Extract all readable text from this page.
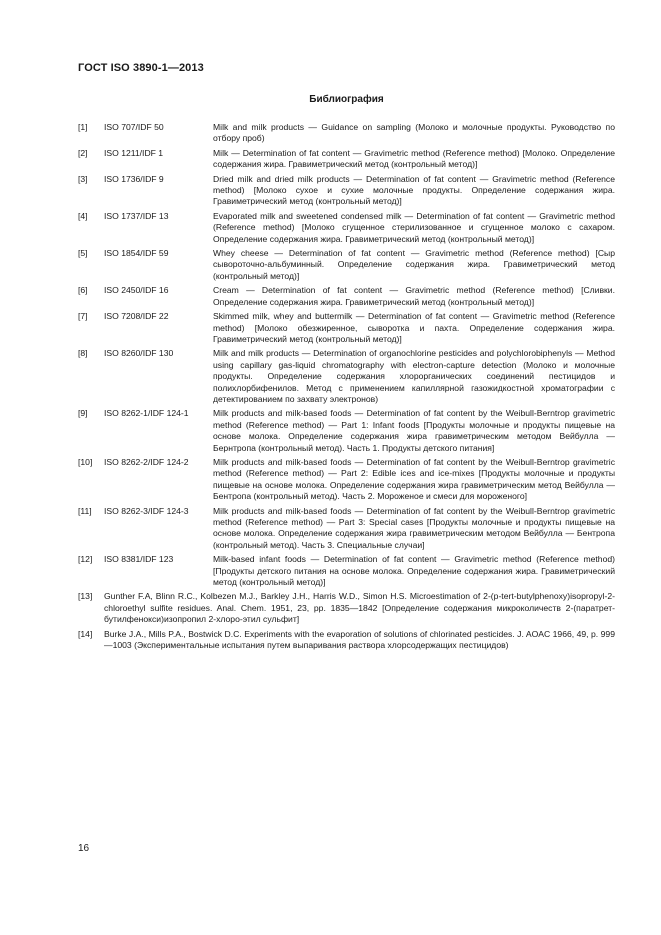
ГОСТ ISO 3890-1—2013
Библиография
[1] ISO 707/IDF 50	Milk and milk products — Guidance on sampling (Молоко и молочные продукты. Руководство по отбору проб)
[2] ISO 1211/IDF 1	Milk — Determination of fat content — Gravimetric method (Reference method) [Молоко. Определение содержания жира. Гравиметрический метод (контрольный метод)]
[3] ISO 1736/IDF 9	Dried milk and dried milk products — Determination of fat content — Gravimetric method (Reference method) [Молоко сухое и сухие молочные продукты. Определение содержания жира. Гравиметрический метод (контрольный метод)]
[4] ISO 1737/IDF 13	Evaporated milk and sweetened condensed milk — Determination of fat content — Gravimetric method (Reference method) [Молоко сгущенное стерилизованное и сгущенное молоко с сахаром. Определение содержания жира. Гравиметрический метод (контрольный метод)]
[5] ISO 1854/IDF 59	Whey cheese — Determination of fat content — Gravimetric method (Reference method) [Сыр сывороточно-альбуминный. Определение содержания жира. Гравиметрический метод (контрольный метод)]
[6] ISO 2450/IDF 16	Cream — Determination of fat content — Gravimetric method (Reference method) [Сливки. Определение содержания жира. Гравиметрический метод (контрольный метод)]
[7] ISO 7208/IDF 22	Skimmed milk, whey and buttermilk — Determination of fat content — Gravimetric method (Reference method) [Молоко обезжиренное, сыворотка и пахта. Определение содержания жира. Гравиметрический метод (контрольный метод)]
[8] ISO 8260/IDF 130	Milk and milk products — Determination of organochlorine pesticides and polychlorobiphenyls — Method using capillary gas-liquid chromatography with electron-capture detection (Молоко и молочные продукты. Определение содержания хлорорганических соединений пестицидов и полихлорбифенилов. Метод с применением капиллярной газожидкостной хроматографии с детектированием по захвату электронов)
[9] ISO 8262-1/IDF 124-1	Milk products and milk-based foods — Determination of fat content by the Weibull-Berntrop gravimetric method (Reference method) — Part 1: Infant foods [Продукты молочные и продукты пищевые на основе молока. Определение содержания жира гравиметрическим методом Вейбулла — Бернтропа (контрольный метод). Часть 1. Продукты детского питания]
[10] ISO 8262-2/IDF 124-2	Milk products and milk-based foods — Determination of fat content by the Weibull-Berntrop gravimetric method (Reference method) — Part 2: Edible ices and ice-mixes [Продукты молочные и продукты пищевые на основе молока. Определение содержания жира гравиметрическим метод Вейбулла — Бентропа (контрольный метод). Часть 2. Мороженое и смеси для мороженого]
[11] ISO 8262-3/IDF 124-3	Milk products and milk-based foods — Determination of fat content by the Weibull-Berntrop gravimetric method (Reference method) — Part 3: Special cases [Продукты молочные и продукты пищевые на основе молока. Определение содержания жира гравиметрическим методом Вейбулла — Бентропа (контрольный метод). Часть 3. Специальные случаи]
[12] ISO 8381/IDF 123	Milk-based infant foods — Determination of fat content — Gravimetric method (Reference method) [Продукты детского питания на основе молока. Определение содержания жира. Гравиметрический метод (контрольный метод)]
[13] Gunther F.A, Blinn R.C., Kolbezen M.J., Barkley J.H., Harris W.D., Simon H.S. Microestimation of 2-(p-tert-butylphenoxy)isopropyl-2-chloroethyl sulfite residues. Anal. Chem. 1951, 23, pp. 1835—1842 [Определение содержания микроколичеств 2-(паратрет-бутилфенокси)изопропил 2-хлоро-этил сульфит]
[14] Burke J.A., Mills P.A., Bostwick D.C. Experiments with the evaporation of solutions of chlorinated pesticides. J. AOAC 1966, 49, p. 999—1003 (Экспериментальные испытания путем выпаривания раствора хлорсодержащих пестицидов)
16
